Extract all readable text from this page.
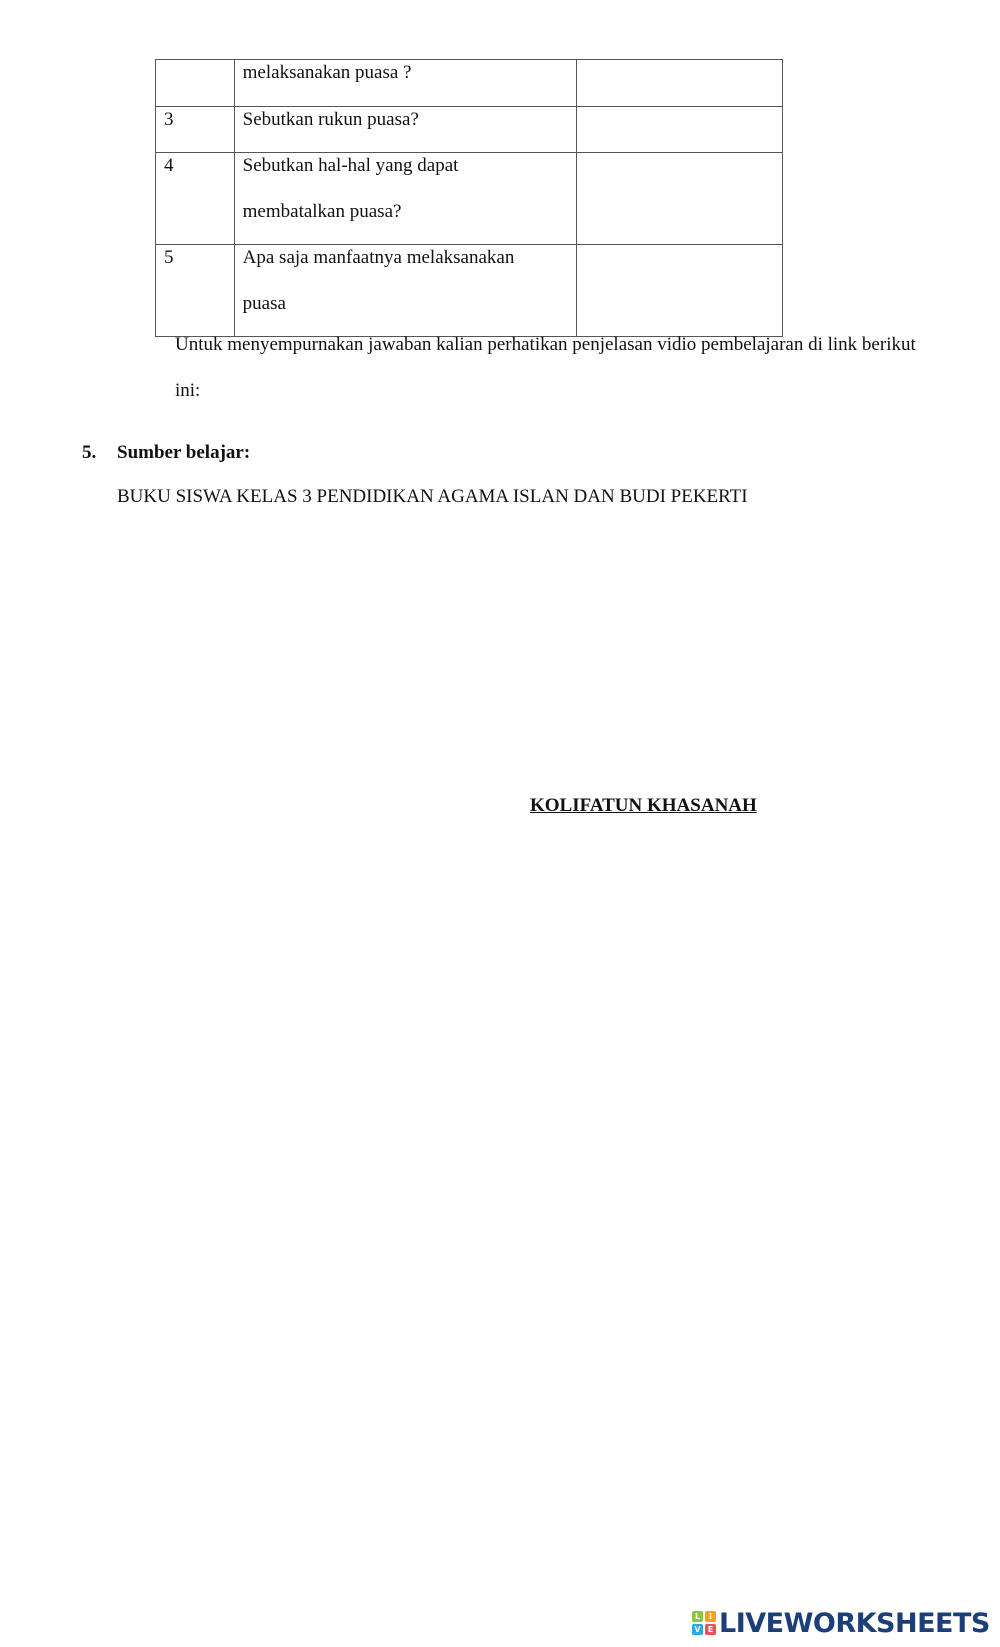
	melaksanakan puasa ?	

3	Sebutkan rukun puasa?	

4	Sebutkan hal-hal yang dapat
membatalkan puasa?	

5	Apa saja manfaatnya melaksanakan
puasa	

Untuk menyempurnakan jawaban kalian perhatikan penjelasan vidio pembelajaran di link berikut
ini:
5. Sumber belajar:
BUKU SISWA KELAS 3 PENDIDIKAN AGAMA ISLAN DAN BUDI PEKERTI
KOLIFATUN KHASANAH
L	I
V E LIVEWORKSHEETS
